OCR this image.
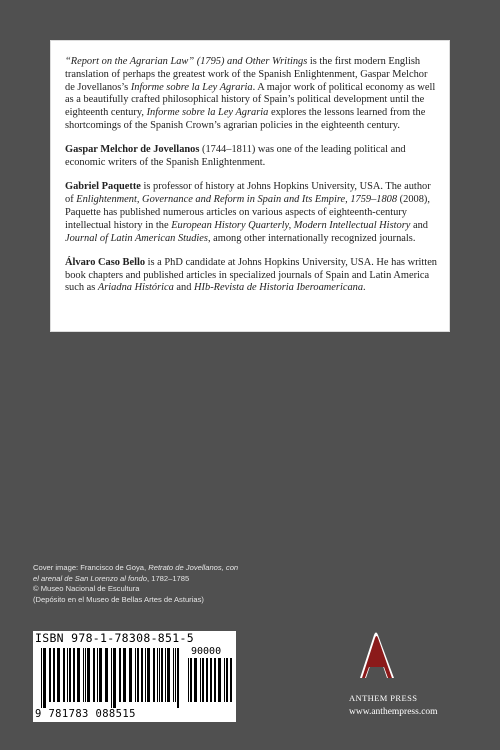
“Report on the Agrarian Law” (1795) and Other Writings is the first modern English translation of perhaps the greatest work of the Spanish Enlightenment, Gaspar Melchor de Jovellanos’s Informe sobre la Ley Agraria. A major work of political economy as well as a beautifully crafted philosophical history of Spain’s political development until the eighteenth century, Informe sobre la Ley Agraria explores the lessons learned from the shortcomings of the Spanish Crown’s agrarian policies in the eighteenth century.

Gaspar Melchor de Jovellanos (1744–1811) was one of the leading political and economic writers of the Spanish Enlightenment.

Gabriel Paquette is professor of history at Johns Hopkins University, USA. The author of Enlightenment, Governance and Reform in Spain and Its Empire, 1759–1808 (2008), Paquette has published numerous articles on various aspects of eighteenth-century intellectual history in the European History Quarterly, Modern Intellectual History and Journal of Latin American Studies, among other internationally recognized journals.

Álvaro Caso Bello is a PhD candidate at Johns Hopkins University, USA. He has written book chapters and published articles in specialized journals of Spain and Latin America such as Ariadna Histórica and HIb-Revista de Historia Iberoamericana.

Cover image: Francisco de Goya, Retrato de Jovellanos, con el arenal de San Lorenzo al fondo, 1782–1785
© Museo Nacional de Escultura
(Depósito en el Museo de Bellas Artes de Asturias)
ISBN 978-1-78308-851-5
90000
9 781783 088515
ANTHEM PRESS
www.anthempress.com
